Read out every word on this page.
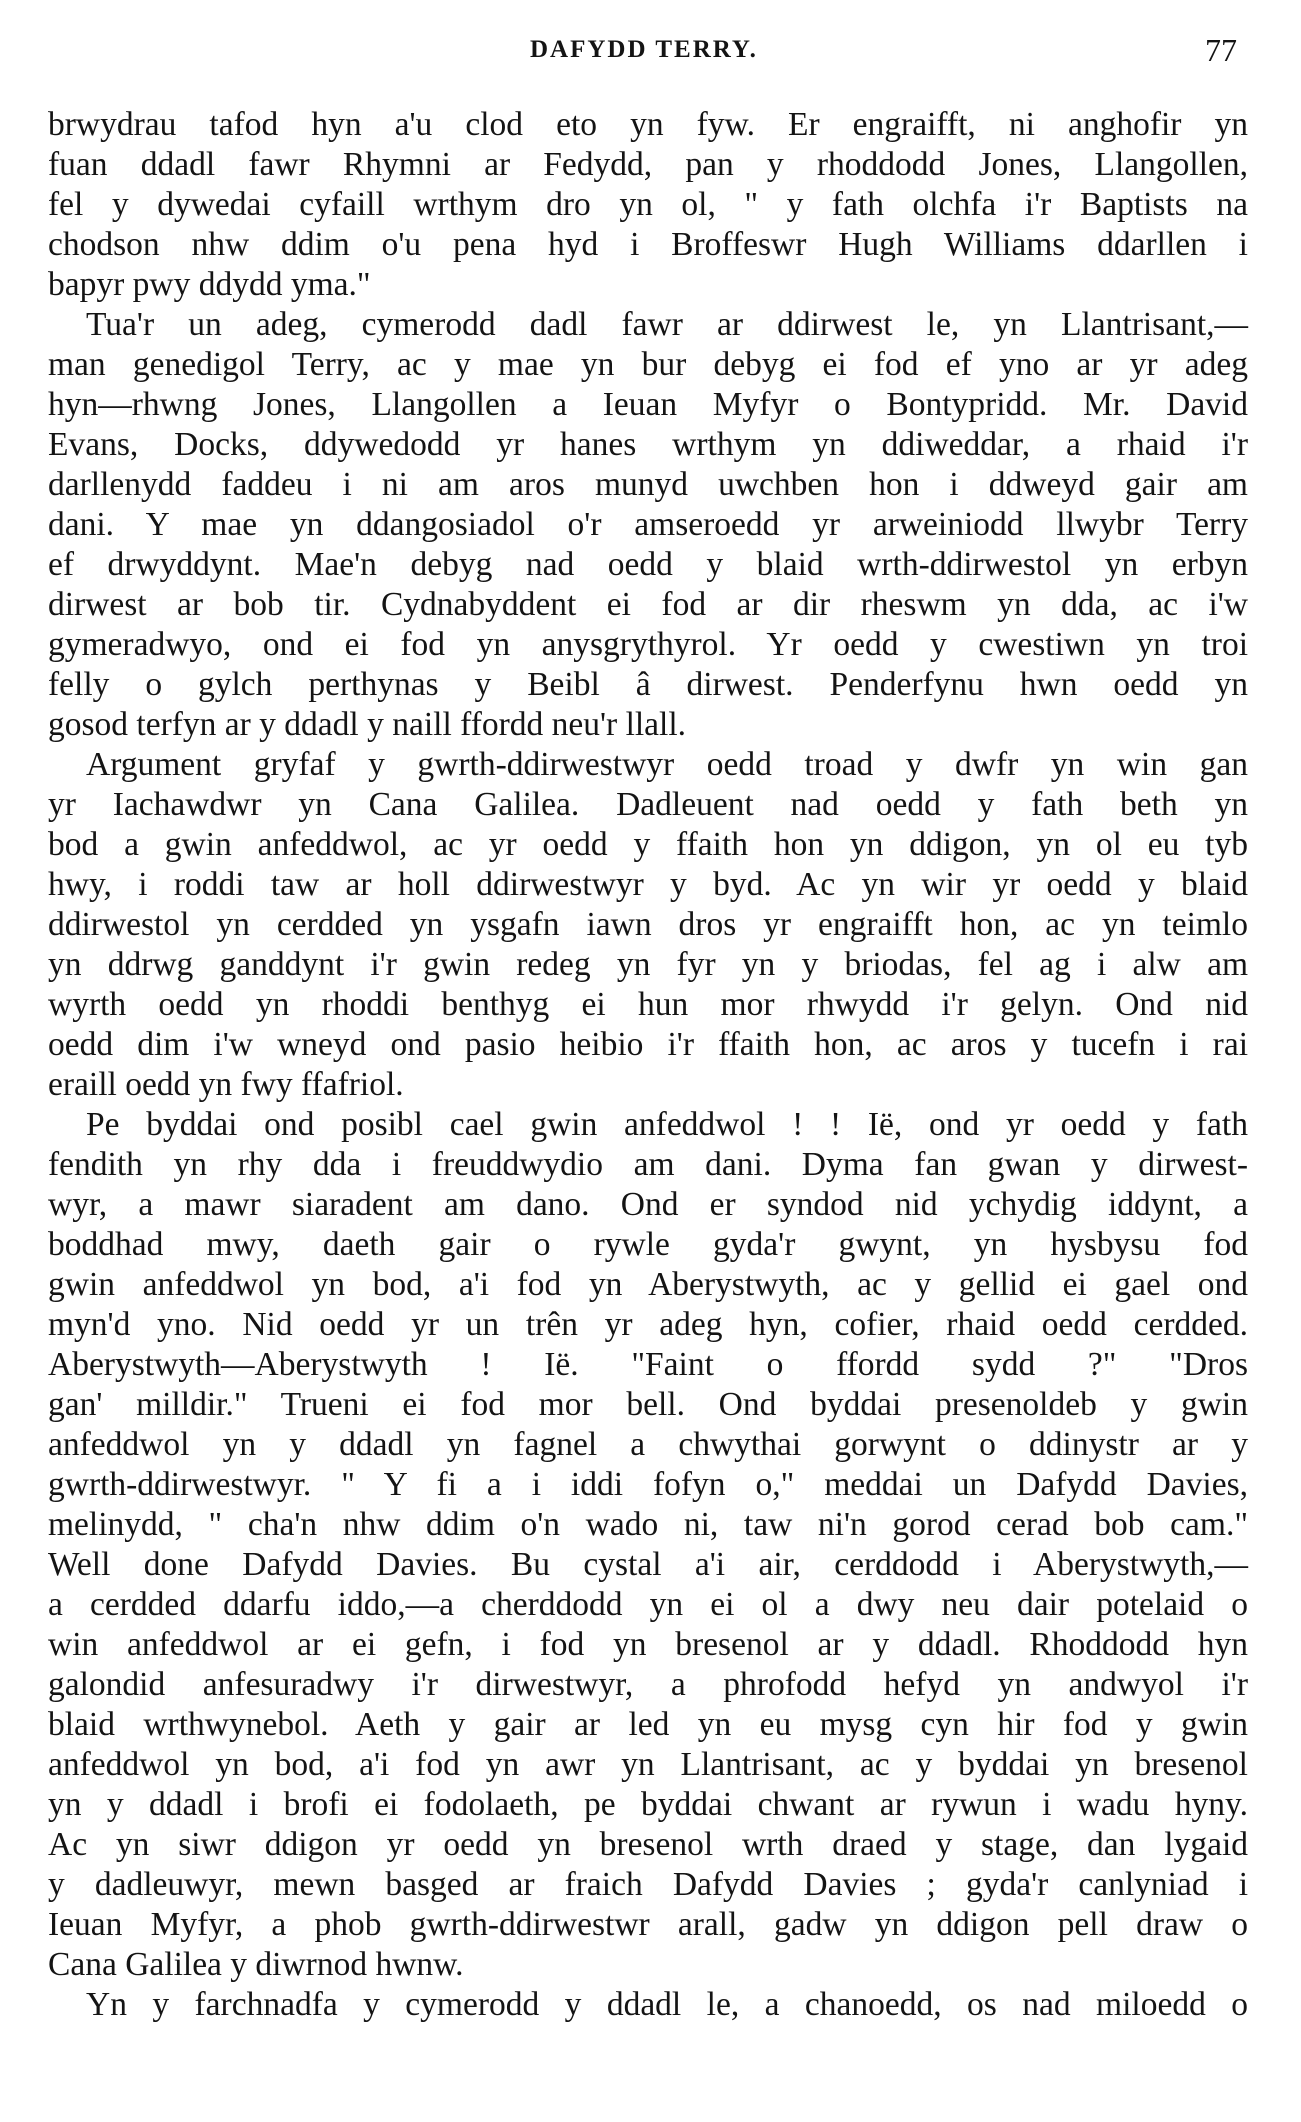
DAFYDD TERRY.	77
brwydrau tafod hyn a'u clod eto yn fyw. Er engraifft, ni anghofir yn
fuan ddadl fawr Rhymni ar Fedydd, pan y rhoddodd Jones, Llangollen,
fel y dywedai cyfaill wrthym dro yn ol, " y fath olchfa i'r Baptists na
chodson nhw ddim o'u pena hyd i Broffeswr Hugh Williams ddarllen i
bapyr pwy ddydd yma."
Tua'r un adeg, cymerodd dadl fawr ar ddirwest le, yn Llantrisant,—
man genedigol Terry, ac y mae yn bur debyg ei fod ef yno ar yr adeg
hyn—rhwng Jones, Llangollen a Ieuan Myfyr o Bontypridd. Mr. David
Evans, Docks, ddywedodd yr hanes wrthym yn ddiweddar, a rhaid i'r
darllenydd faddeu i ni am aros munyd uwchben hon i ddweyd gair am
dani. Y mae yn ddangosiadol o'r amseroedd yr arweiniodd llwybr Terry
ef drwyddynt. Mae'n debyg nad oedd y blaid wrth-ddirwestol yn erbyn
dirwest ar bob tir. Cydnabyddent ei fod ar dir rheswm yn dda, ac i'w
gymeradwyo, ond ei fod yn anysgrythyrol. Yr oedd y cwestiwn yn troi
felly o gylch perthynas y Beibl â dirwest. Penderfynu hwn oedd yn
gosod terfyn ar y ddadl y naill ffordd neu'r llall.
Argument gryfaf y gwrth-ddirwestwyr oedd troad y dwfr yn win gan
yr Iachawdwr yn Cana Galilea. Dadleuent nad oedd y fath beth yn
bod a gwin anfeddwol, ac yr oedd y ffaith hon yn ddigon, yn ol eu tyb
hwy, i roddi taw ar holl ddirwestwyr y byd. Ac yn wir yr oedd y blaid
ddirwestol yn cerdded yn ysgafn iawn dros yr engraifft hon, ac yn teimlo
yn ddrwg ganddynt i'r gwin redeg yn fyr yn y briodas, fel ag i alw am
wyrth oedd yn rhoddi benthyg ei hun mor rhwydd i'r gelyn. Ond nid
oedd dim i'w wneyd ond pasio heibio i'r ffaith hon, ac aros y tucefn i rai
eraill oedd yn fwy ffafriol.
Pe byddai ond posibl cael gwin anfeddwol ! ! Ië, ond yr oedd y fath
fendith yn rhy dda i freuddwydio am dani. Dyma fan gwan y dirwest-
wyr, a mawr siaradent am dano. Ond er syndod nid ychydig iddynt, a
boddhad mwy, daeth gair o rywle gyda'r gwynt, yn hysbysu fod
gwin anfeddwol yn bod, a'i fod yn Aberystwyth, ac y gellid ei gael ond
myn'd yno. Nid oedd yr un trên yr adeg hyn, cofier, rhaid oedd cerdded.
Aberystwyth—Aberystwyth ! Ië. "Faint o ffordd sydd ?" "Dros
gan' milldir." Trueni ei fod mor bell. Ond byddai presenoldeb y gwin
anfeddwol yn y ddadl yn fagnel a chwythai gorwynt o ddinystr ar y
gwrth-ddirwestwyr. " Y fi a i iddi fofyn o," meddai un Dafydd Davies,
melinydd, " cha'n nhw ddim o'n wado ni, taw ni'n gorod cerad bob cam."
Well done Dafydd Davies. Bu cystal a'i air, cerddodd i Aberystwyth,—
a cerdded ddarfu iddo,—a cherddodd yn ei ol a dwy neu dair potelaid o
win anfeddwol ar ei gefn, i fod yn bresenol ar y ddadl. Rhoddodd hyn
galondid anfesuradwy i'r dirwestwyr, a phrofodd hefyd yn andwyol i'r
blaid wrthwynebol. Aeth y gair ar led yn eu mysg cyn hir fod y gwin
anfeddwol yn bod, a'i fod yn awr yn Llantrisant, ac y byddai yn bresenol
yn y ddadl i brofi ei fodolaeth, pe byddai chwant ar rywun i wadu hyny.
Ac yn siwr ddigon yr oedd yn bresenol wrth draed y stage, dan lygaid
y dadleuwyr, mewn basged ar fraich Dafydd Davies ; gyda'r canlyniad i
Ieuan Myfyr, a phob gwrth-ddirwestwr arall, gadw yn ddigon pell draw o
Cana Galilea y diwrnod hwnw.
Yn y farchnadfa y cymerodd y ddadl le, a chanoedd, os nad miloedd o
